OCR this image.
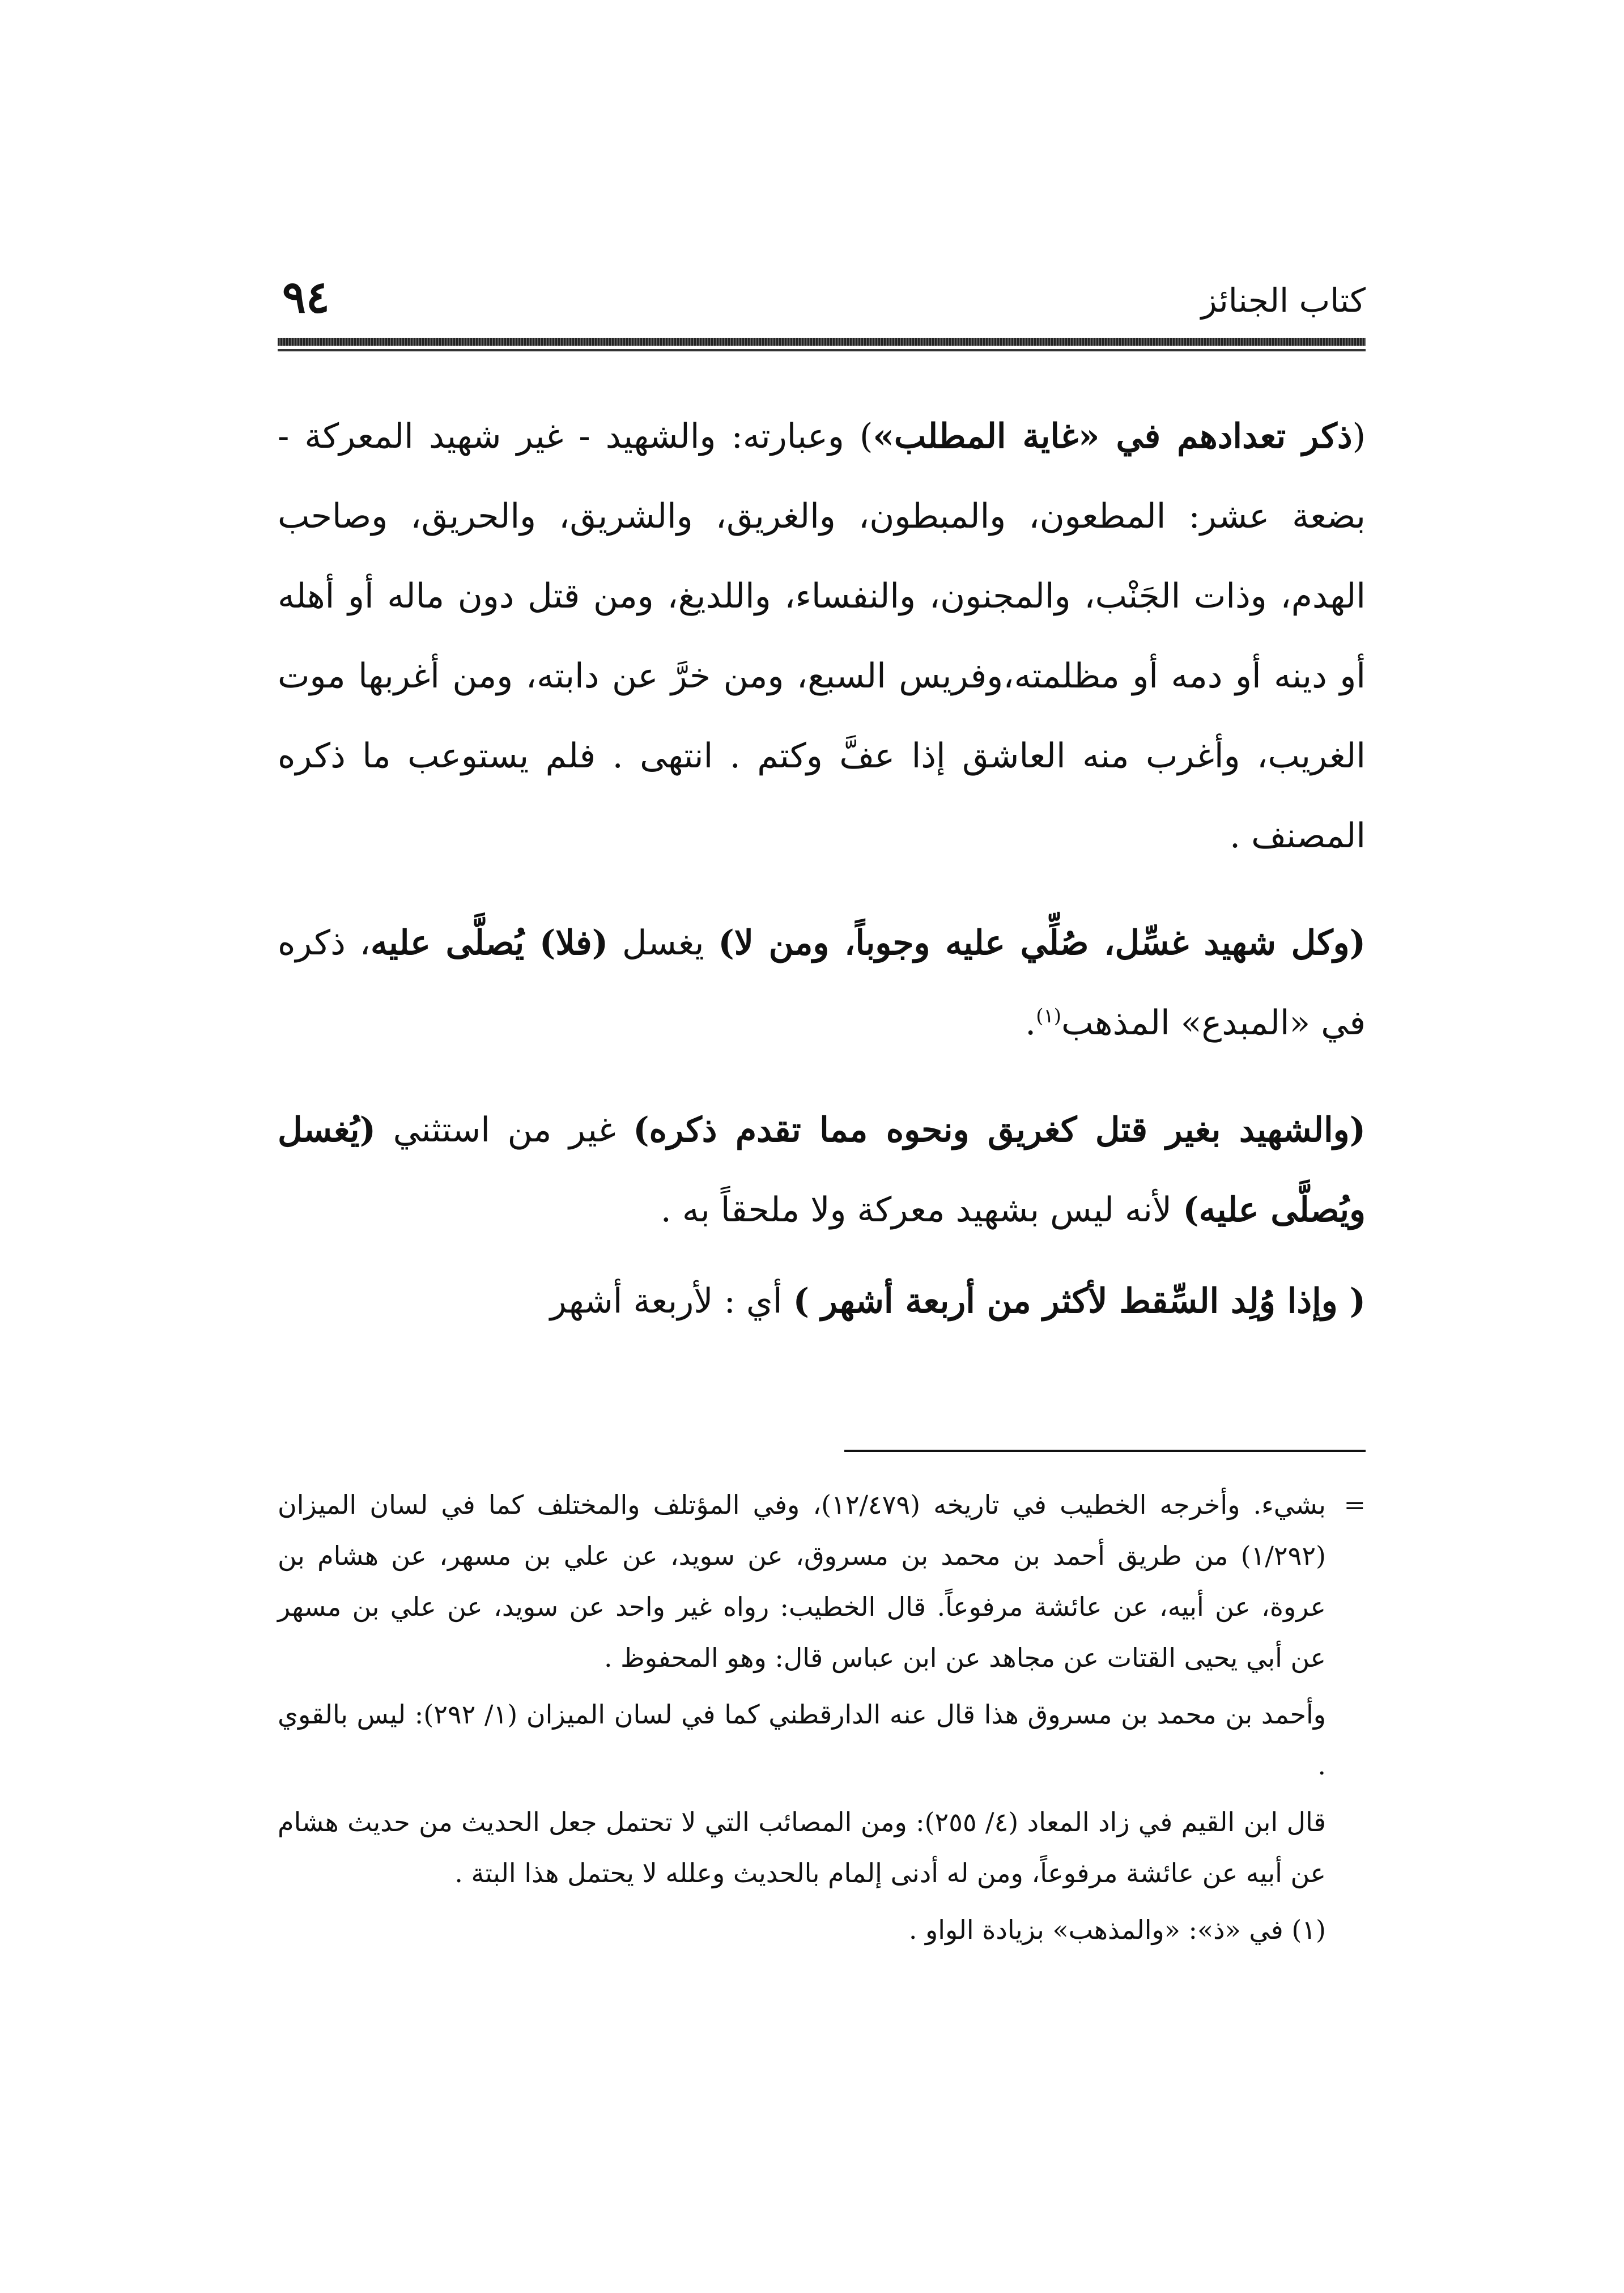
كتاب الجنائز
٩٤

(ذكر تعدادهم في «غاية المطلب») وعبارته: والشهيد - غير شهيد المعركة - بضعة عشر: المطعون، والمبطون، والغريق، والشريق، والحريق، وصاحب الهدم، وذات الجَنْب، والمجنون، والنفساء، واللديغ، ومن قتل دون ماله أو أهله أو دينه أو دمه أو مظلمته،وفريس السبع، ومن خرَّ عن دابته، ومن أغربها موت الغريب، وأغرب منه العاشق إذا عفَّ وكتم . انتهى . فلم يستوعب ما ذكره المصنف .

(وكل شهيد غسِّل، صُلِّي عليه وجوباً، ومن لا) يغسل (فلا) يُصلَّى عليه، ذكره في «المبدع» المذهب$^{(١)}$.

(والشهيد بغير قتل كغريق ونحوه مما تقدم ذكره) غير من استثني (يُغسل ويُصلَّى عليه) لأنه ليس بشهيد معركة ولا ملحقاً به .

( وإذا وُلِد السِّقط لأكثر من أربعة أشهر ) أي : لأربعة أشهر

=
بشيء. وأخرجه الخطيب في تاريخه (١٢/٤٧٩)، وفي المؤتلف والمختلف كما في لسان الميزان (١/٢٩٢) من طريق أحمد بن محمد بن مسروق، عن سويد، عن علي بن مسهر، عن هشام بن عروة، عن أبيه، عن عائشة مرفوعاً. قال الخطيب: رواه غير واحد عن سويد، عن علي بن مسهر عن أبي يحيى القتات عن مجاهد عن ابن عباس قال: وهو المحفوظ .

وأحمد بن محمد بن مسروق هذا قال عنه الدارقطني كما في لسان الميزان (١/ ٢٩٢): ليس بالقوي .

قال ابن القيم في زاد المعاد (٤/ ٢٥٥): ومن المصائب التي لا تحتمل جعل الحديث من حديث هشام عن أبيه عن عائشة مرفوعاً، ومن له أدنى إلمام بالحديث وعلله لا يحتمل هذا البتة .

(١) في «ذ»: «والمذهب» بزيادة الواو .
